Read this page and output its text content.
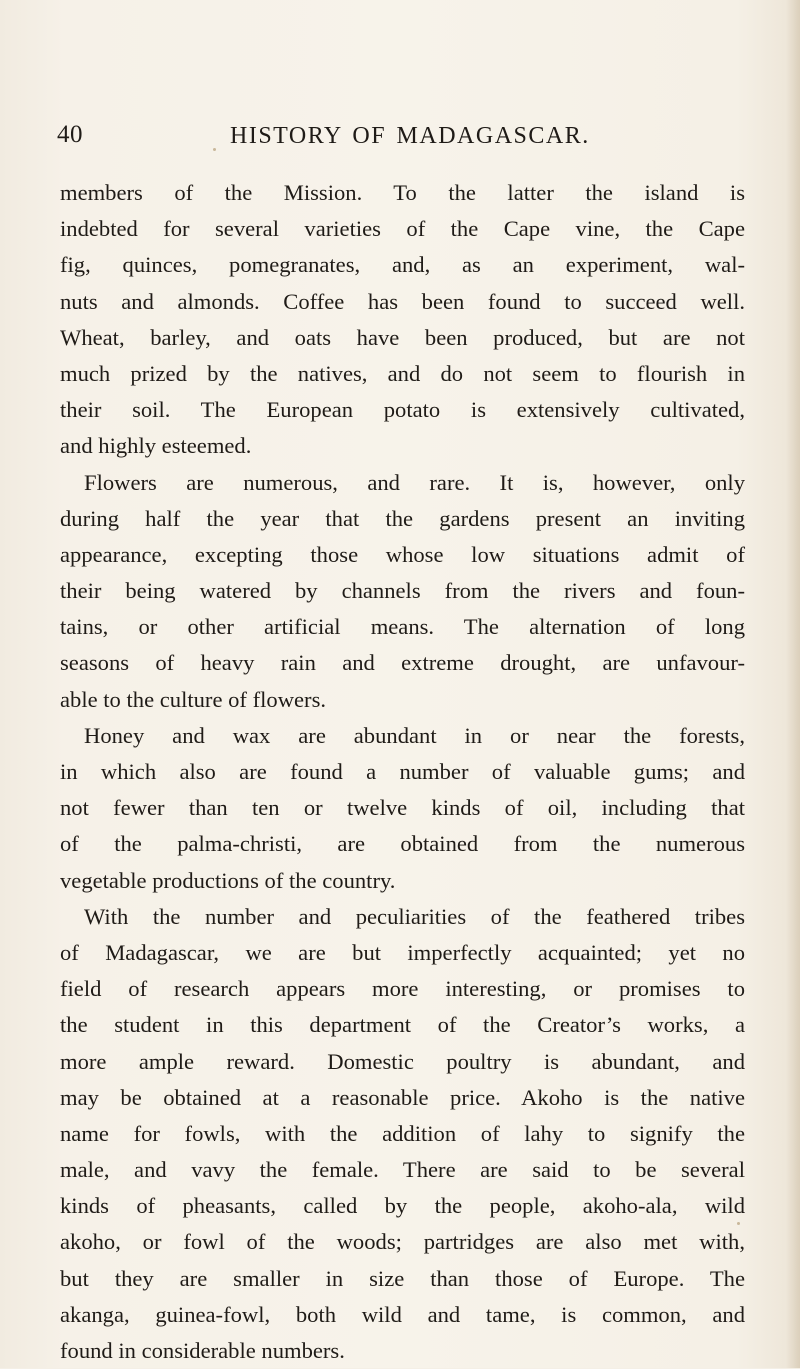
40	HISTORY OF MADAGASCAR.
members of the Mission. To the latter the island is
indebted for several varieties of the Cape vine, the Cape
fig, quinces, pomegranates, and, as an experiment, wal-
nuts and almonds. Coffee has been found to succeed well.
Wheat, barley, and oats have been produced, but are not
much prized by the natives, and do not seem to flourish in
their soil. The European potato is extensively cultivated,
and highly esteemed.
Flowers are numerous, and rare. It is, however, only
during half the year that the gardens present an inviting
appearance, excepting those whose low situations admit of
their being watered by channels from the rivers and foun-
tains, or other artificial means. The alternation of long
seasons of heavy rain and extreme drought, are unfavour-
able to the culture of flowers.
Honey and wax are abundant in or near the forests,
in which also are found a number of valuable gums; and
not fewer than ten or twelve kinds of oil, including that
of the palma-christi, are obtained from the numerous
vegetable productions of the country.
With the number and peculiarities of the feathered tribes
of Madagascar, we are but imperfectly acquainted; yet no
field of research appears more interesting, or promises to
the student in this department of the Creator’s works, a
more ample reward. Domestic poultry is abundant, and
may be obtained at a reasonable price. Akoho is the native
name for fowls, with the addition of lahy to signify the
male, and vavy the female. There are said to be several
kinds of pheasants, called by the people, akoho-ala, wild
akoho, or fowl of the woods; partridges are also met with,
but they are smaller in size than those of Europe. The
akanga, guinea-fowl, both wild and tame, is common, and
found in considerable numbers.
